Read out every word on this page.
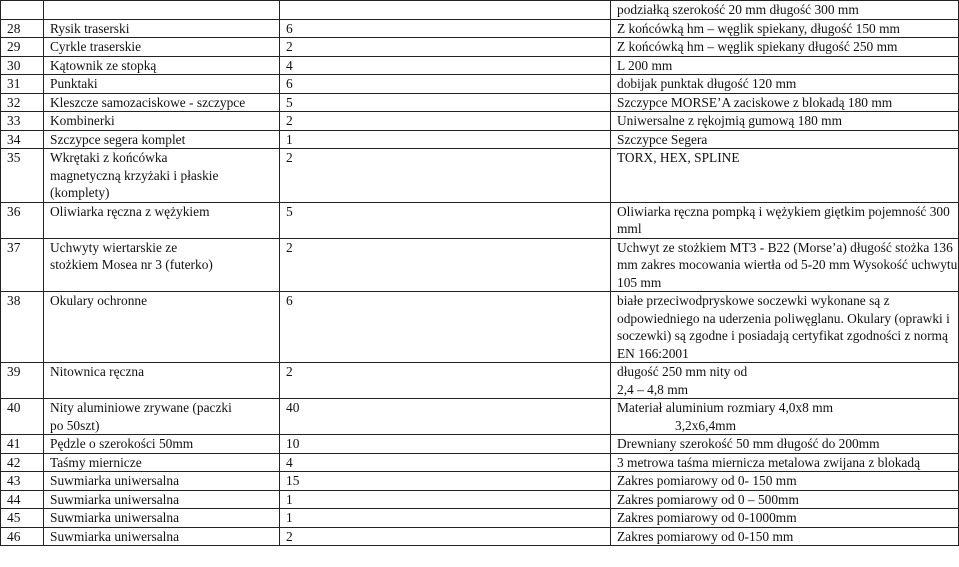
			podziałką szerokość 20 mm długość 300 mm
28	Rysik traserski	6	Z końcówką hm – węglik spiekany, długość 150 mm
29	Cyrkle traserskie	2	Z końcówką hm – węglik spiekany długość 250 mm
30	Kątownik ze stopką	4	L 200 mm
31	Punktaki	6	dobijak punktak długość 120 mm
32	Kleszcze samozaciskowe - szczypce	5	Szczypce MORSE’A zaciskowe z blokadą 180 mm
33	Kombinerki	2	Uniwersalne z rękojmią gumową 180 mm
34	Szczypce segera komplet	1	Szczypce Segera
35	Wkrętaki z końcówka magnetyczną krzyżaki i płaskie (komplety)	2	TORX, HEX, SPLINE
36	Oliwiarka ręczna z wężykiem	5	Oliwiarka ręczna pompką i wężykiem giętkim pojemność 300 mml
37	Uchwyty wiertarskie ze stożkiem Mosea nr 3 (futerko)	2	Uchwyt ze stożkiem MT3 - B22 (Morse’a) długość stożka 136 mm zakres mocowania wiertła od 5-20 mm Wysokość uchwytu 105 mm
38	Okulary ochronne	6	białe przeciwodpryskowe soczewki wykonane są z odpowiedniego na uderzenia poliwęglanu. Okulary (oprawki i soczewki) są zgodne i posiadają certyfikat zgodności z normą EN 166:2001
39	Nitownica ręczna	2	długość 250 mm nity od 2,4 – 4,8 mm
40	Nity aluminiowe zrywane (paczki po 50szt)	40	Materiał aluminium rozmiary 4,0x8 mm
3,2x6,4mm
41	Pędzle o szerokości 50mm	10	Drewniany szerokość 50 mm długość do 200mm
42	Taśmy miernicze	4	3 metrowa taśma miernicza metalowa zwijana z blokadą
43	Suwmiarka uniwersalna	15	Zakres pomiarowy od 0- 150 mm
44	Suwmiarka uniwersalna	1	Zakres pomiarowy od 0 – 500mm
45	Suwmiarka uniwersalna	1	Zakres pomiarowy od 0-1000mm
46	Suwmiarka uniwersalna	2	Zakres pomiarowy od 0-150 mm
